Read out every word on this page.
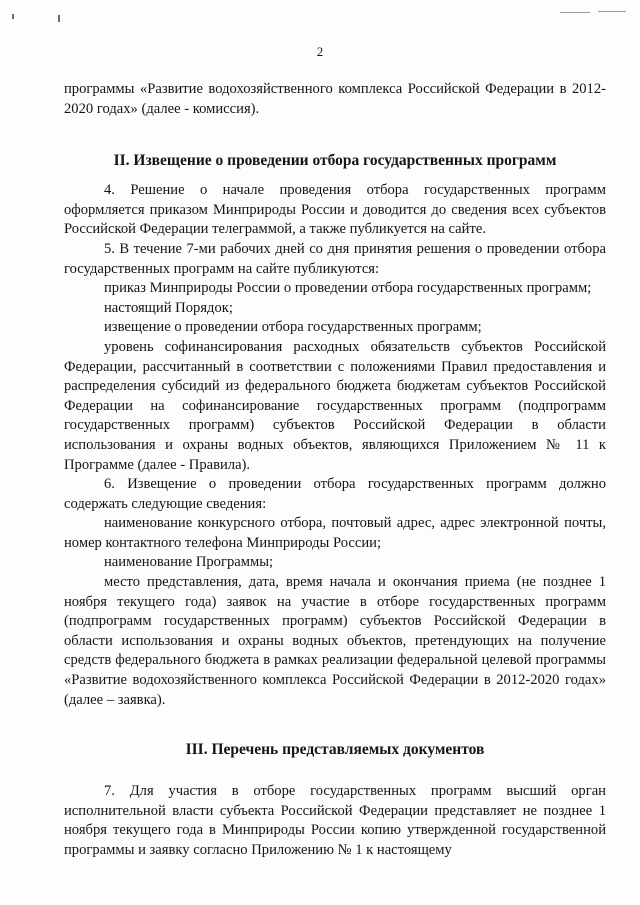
2

программы «Развитие водохозяйственного комплекса Российской Федерации в 2012-2020 годах» (далее - комиссия).

II. Извещение о проведении отбора государственных программ

4. Решение о начале проведения отбора государственных программ оформляется приказом Минприроды России и доводится до сведения всех субъектов Российской Федерации телеграммой, а также публикуется на сайте.

5. В течение 7-ми рабочих дней со дня принятия решения о проведении отбора государственных программ на сайте публикуются:

приказ Минприроды России о проведении отбора государственных программ;

настоящий Порядок;

извещение о проведении отбора государственных программ;

уровень софинансирования расходных обязательств субъектов Российской Федерации, рассчитанный в соответствии с положениями Правил предоставления и распределения субсидий из федерального бюджета бюджетам субъектов Российской Федерации на софинансирование государственных программ (подпрограмм государственных программ) субъектов Российской Федерации в области использования и охраны водных объектов, являющихся Приложением № 11 к Программе (далее - Правила).

6. Извещение о проведении отбора государственных программ должно содержать следующие сведения:

наименование конкурсного отбора, почтовый адрес, адрес электронной почты, номер контактного телефона Минприроды России;

наименование Программы;

место представления, дата, время начала и окончания приема (не позднее 1 ноября текущего года) заявок на участие в отборе государственных программ (подпрограмм государственных программ) субъектов Российской Федерации в области использования и охраны водных объектов, претендующих на получение средств федерального бюджета в рамках реализации федеральной целевой программы «Развитие водохозяйственного комплекса Российской Федерации в 2012-2020 годах» (далее – заявка).

III. Перечень представляемых документов

7. Для участия в отборе государственных программ высший орган исполнительной власти субъекта Российской Федерации представляет не позднее 1 ноября текущего года в Минприроды России копию утвержденной государственной программы и заявку согласно Приложению № 1 к настоящему
